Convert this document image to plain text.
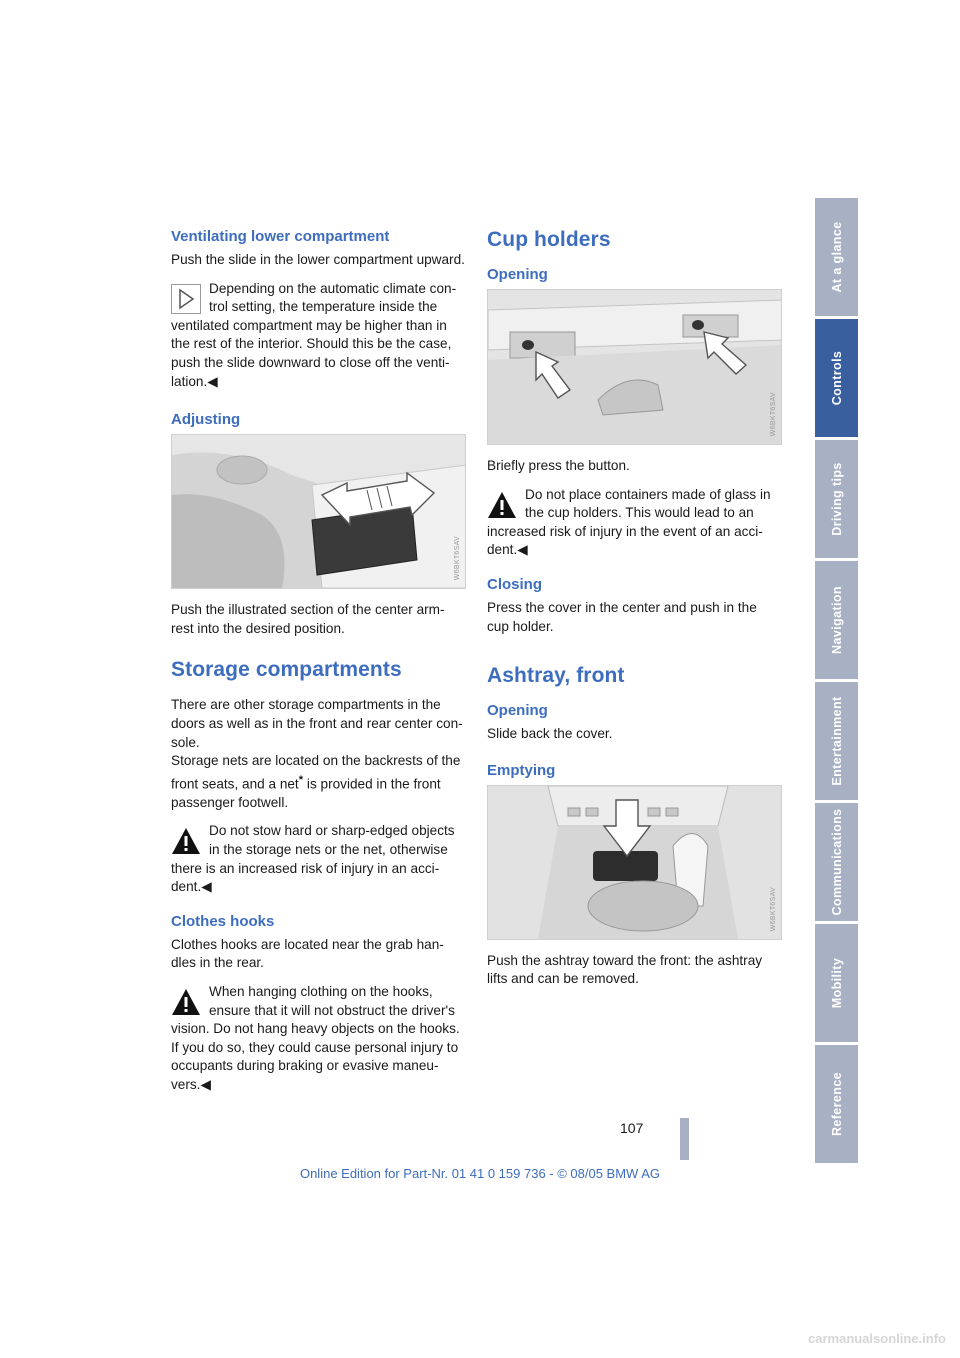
Ventilating lower compartment

Push the slide in the lower compartment upward.

Depending on the automatic climate con-trol setting, the temperature inside the
ventilated compartment may be higher than in the rest of the interior. Should this be the case, push the slide downward to close off the venti-lation.◀
Adjusting
W6BKT6SAV

Push the illustrated section of the center arm-rest into the desired position.

Storage compartments

There are other storage compartments in the doors as well as in the front and rear center con-sole.

Storage nets are located on the backrests of the front seats, and a net* is provided in the front passenger footwell.

Do not stow hard or sharp-edged objects in the storage nets or the net, otherwise
there is an increased risk of injury in an acci-dent.◀
Clothes hooks

Clothes hooks are located near the grab han-dles in the rear.

When hanging clothing on the hooks, ensure that it will not obstruct the driver's
vision. Do not hang heavy objects on the hooks. If you do so, they could cause personal injury to occupants during braking or evasive maneu-vers.◀
Cup holders
Opening
W6BKT6SAV

Briefly press the button.

Do not place containers made of glass in the cup holders. This would lead to an
increased risk of injury in the event of an acci-dent.◀
Closing

Press the cover in the center and push in the cup holder.

Ashtray, front
Opening

Slide back the cover.

Emptying
W6BKT6SAV

Push the ashtray toward the front: the ashtray lifts and can be removed.

At a glance
Controls
Driving tips
Navigation
Entertainment
Communications
Mobility
Reference
107
Online Edition for Part-Nr. 01 41 0 159 736 - © 08/05 BMW AG
carmanualsonline.info
